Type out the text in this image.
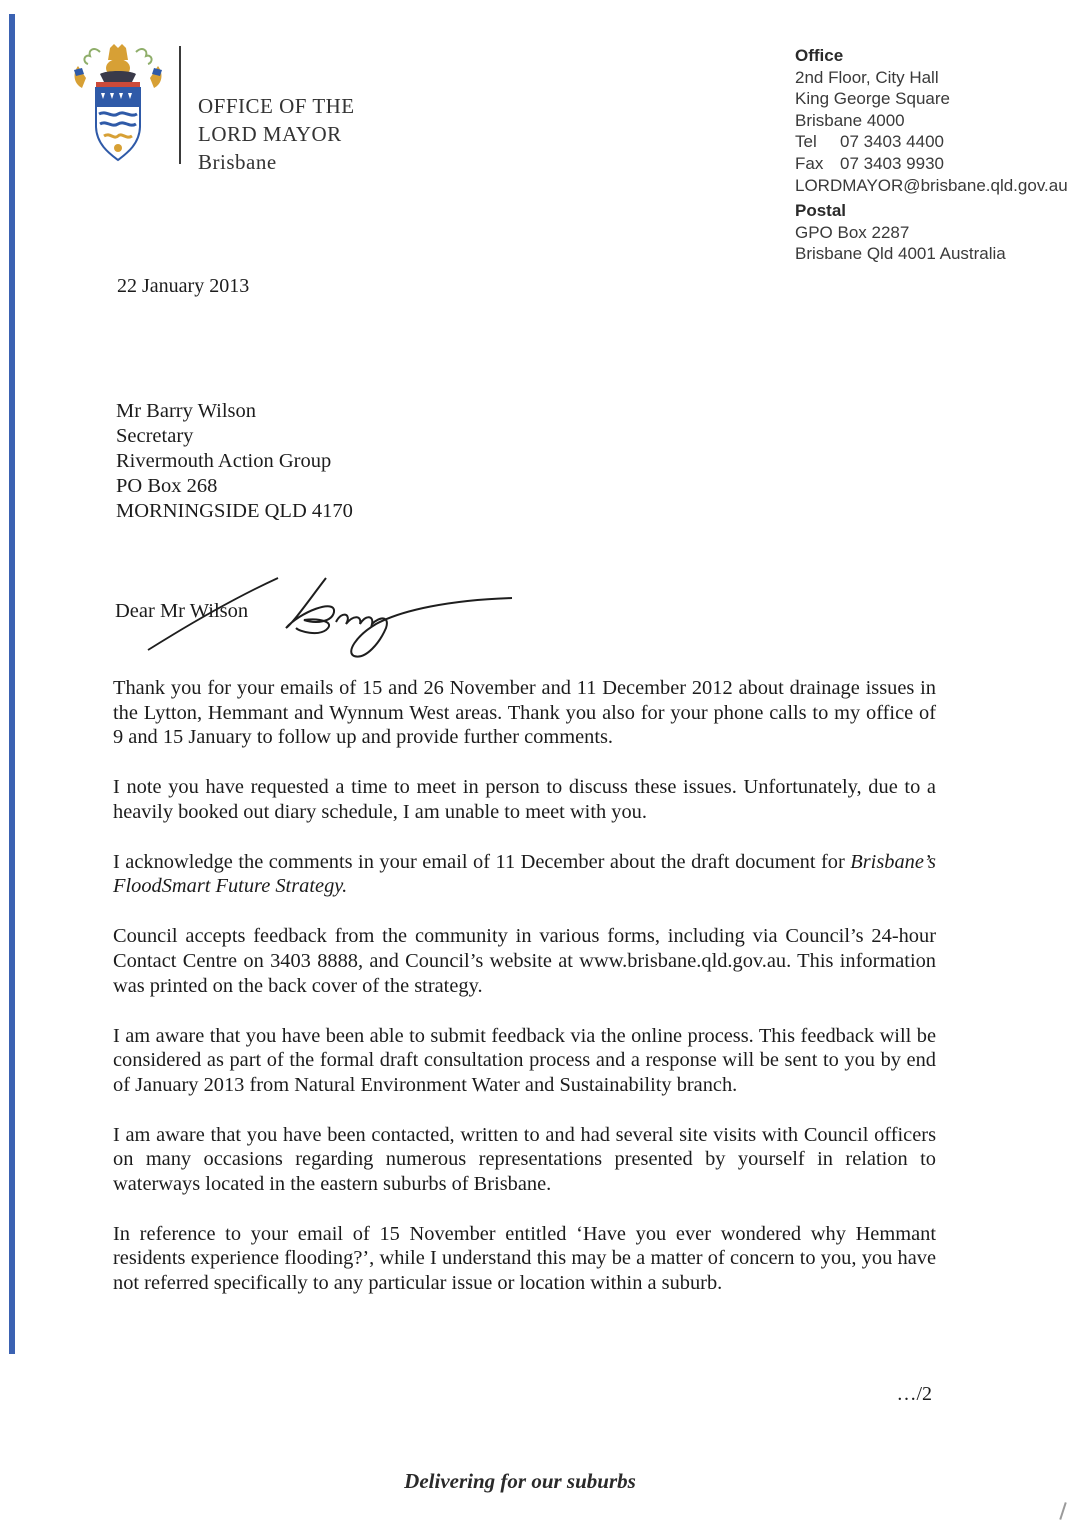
OFFICE OF THE
LORD MAYOR
Brisbane
Office
2nd Floor, City Hall
King George Square
Brisbane 4000
Tel 07 3403 4400
Fax 07 3403 9930
LORDMAYOR@brisbane.qld.gov.au
Postal
GPO Box 2287
Brisbane Qld 4001 Australia
22 January 2013
Mr Barry Wilson
Secretary
Rivermouth Action Group
PO Box 268
MORNINGSIDE QLD 4170
Dear Mr Wilson

Thank you for your emails of 15 and 26 November and 11 December 2012 about drainage issues in the Lytton, Hemmant and Wynnum West areas. Thank you also for your phone calls to my office of 9 and 15 January to follow up and provide further comments.

I note you have requested a time to meet in person to discuss these issues. Unfortunately, due to a heavily booked out diary schedule, I am unable to meet with you.

I acknowledge the comments in your email of 11 December about the draft document for Brisbane’s FloodSmart Future Strategy.

Council accepts feedback from the community in various forms, including via Council’s 24-hour Contact Centre on 3403 8888, and Council’s website at www.brisbane.qld.gov.au. This information was printed on the back cover of the strategy.

I am aware that you have been able to submit feedback via the online process. This feedback will be considered as part of the formal draft consultation process and a response will be sent to you by end of January 2013 from Natural Environment Water and Sustainability branch.

I am aware that you have been contacted, written to and had several site visits with Council officers on many occasions regarding numerous representations presented by yourself in relation to waterways located in the eastern suburbs of Brisbane.

In reference to your email of 15 November entitled ‘Have you ever wondered why Hemmant residents experience flooding?’, while I understand this may be a matter of concern to you, you have not referred specifically to any particular issue or location within a suburb.

…/2
Delivering for our suburbs
